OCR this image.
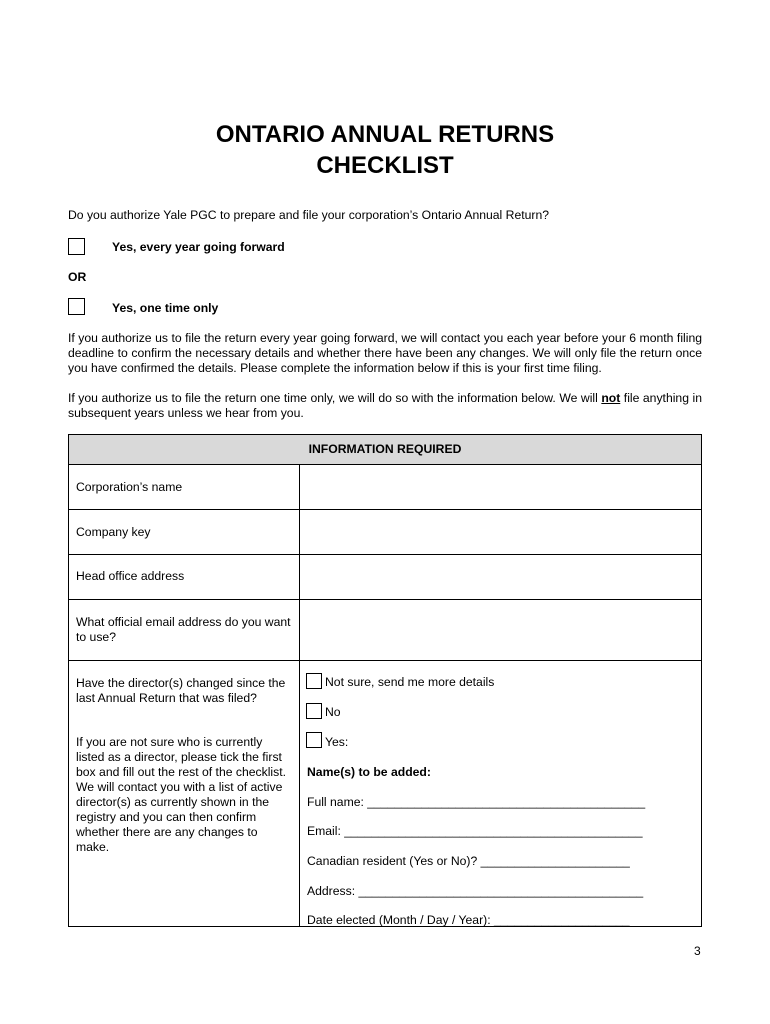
ONTARIO ANNUAL RETURNS
CHECKLIST
Do you authorize Yale PGC to prepare and file your corporation’s Ontario Annual Return?
Yes, every year going forward
OR
Yes, one time only
If you authorize us to file the return every year going forward, we will contact you each year before your 6 month filing deadline to confirm the necessary details and whether there have been any changes. We will only file the return once you have confirmed the details. Please complete the information below if this is your first time filing.
If you authorize us to file the return one time only, we will do so with the information below. We will not file anything in subsequent years unless we hear from you.
INFORMATION REQUIRED
Corporation’s name
Company key
Head office address
What official email address do you want to use?
Have the director(s) changed since the last Annual Return that was filed?
If you are not sure who is currently listed as a director, please tick the first box and fill out the rest of the checklist. We will contact you with a list of active director(s) as currently shown in the registry and you can then confirm whether there are any changes to make.
Not sure, send me more details
No
Yes:
Name(s) to be added:
Full name: _________________________________________
Email: ____________________________________________
Canadian resident (Yes or No)? ______________________
Address: __________________________________________
Date elected (Month / Day / Year): ____________________
3
